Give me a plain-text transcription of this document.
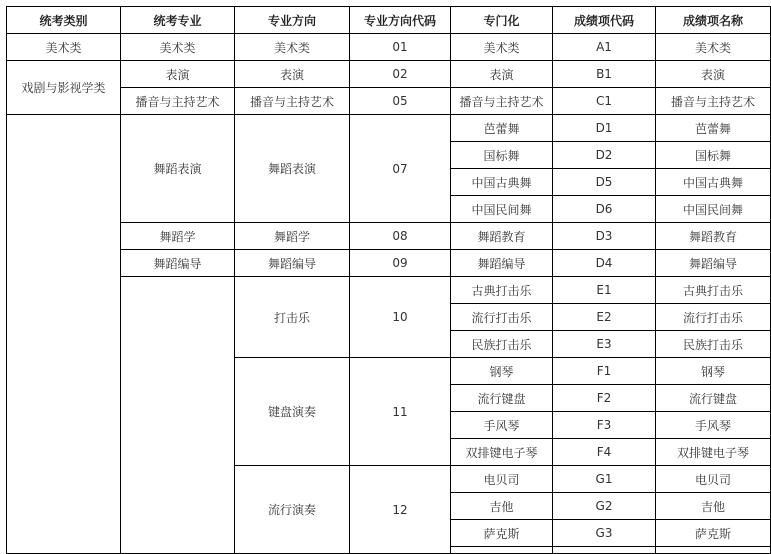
统考类别	统考专业	专业方向	专业方向代码	专门化	成绩项代码	成绩项名称
美术类	美术类	美术类	01	美术类	A1	美术类
戏剧与影视学类	表演	表演	02	表演	B1	表演
	播音与主持艺术	播音与主持艺术	05	播音与主持艺术	C1	播音与主持艺术
	舞蹈表演	舞蹈表演	07	芭蕾舞	D1	芭蕾舞
				国标舞	D2	国标舞
				中国古典舞	D5	中国古典舞
				中国民间舞	D6	中国民间舞
	舞蹈学	舞蹈学	08	舞蹈教育	D3	舞蹈教育
	舞蹈编导	舞蹈编导	09	舞蹈编导	D4	舞蹈编导
		打击乐	10	古典打击乐	E1	古典打击乐
				流行打击乐	E2	流行打击乐
				民族打击乐	E3	民族打击乐
		键盘演奏	11	钢琴	F1	钢琴
				流行键盘	F2	流行键盘
				手风琴	F3	手风琴
				双排键电子琴	F4	双排键电子琴
		流行演奏	12	电贝司	G1	电贝司
				吉他	G2	吉他
				萨克斯	G3	萨克斯
